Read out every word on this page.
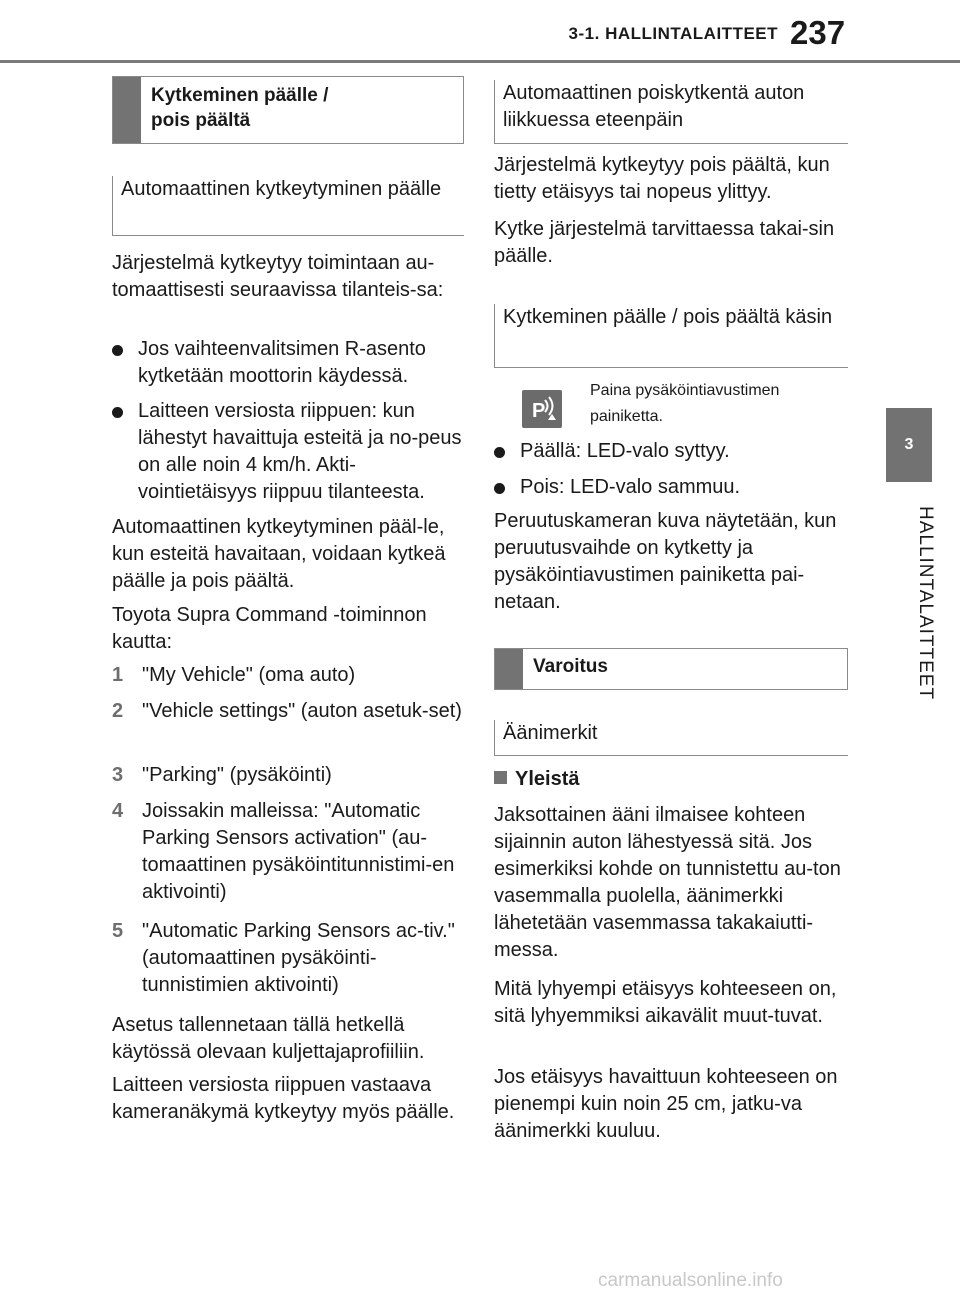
3-1. HALLINTALAITTEET 237
3
HALLINTALAITTEET
Kytkeminen päälle /
pois päältä
Automaattinen kytkeytyminen päälle

Järjestelmä kytkeytyy toimintaan au-tomaattisesti seuraavissa tilanteis-sa:

Jos vaihteenvalitsimen R-asento kytketään moottorin käydessä.
Laitteen versiosta riippuen: kun lähestyt havaittuja esteitä ja no-peus on alle noin 4 km/h. Akti-vointietäisyys riippuu tilanteesta.

Automaattinen kytkeytyminen pääl-le, kun esteitä havaitaan, voidaan kytkeä päälle ja pois päältä.

Toyota Supra Command -toiminnon kautta:

1 "My Vehicle" (oma auto)
2 "Vehicle settings" (auton asetuk-set)
3 "Parking" (pysäköinti)
4 Joissakin malleissa: "Automatic Parking Sensors activation" (au-tomaattinen pysäköintitunnistimi-en aktivointi)
5 "Automatic Parking Sensors ac-tiv." (automaattinen pysäköinti-tunnistimien aktivointi)

Asetus tallennetaan tällä hetkellä käytössä olevaan kuljettajaprofiiliin.

Laitteen versiosta riippuen vastaava kameranäkymä kytkeytyy myös päälle.

Automaattinen poiskytkentä auton liikkuessa eteenpäin

Järjestelmä kytkeytyy pois päältä, kun tietty etäisyys tai nopeus ylittyy.

Kytke järjestelmä tarvittaessa takai-sin päälle.

Kytkeminen päälle / pois päältä käsin
P
Paina pysäköintiavustimen painiketta.
Päällä: LED-valo syttyy.
Pois: LED-valo sammuu.

Peruutuskameran kuva näytetään, kun peruutusvaihde on kytketty ja pysäköintiavustimen painiketta pai-netaan.

Varoitus
Äänimerkit
Yleistä

Jaksottainen ääni ilmaisee kohteen sijainnin auton lähestyessä sitä. Jos esimerkiksi kohde on tunnistettu au-ton vasemmalla puolella, äänimerkki lähetetään vasemmassa takakaiutti-messa.

Mitä lyhyempi etäisyys kohteeseen on, sitä lyhyemmiksi aikavälit muut-tuvat.

Jos etäisyys havaittuun kohteeseen on pienempi kuin noin 25 cm, jatku-va äänimerkki kuuluu.

carmanualsonline.info
